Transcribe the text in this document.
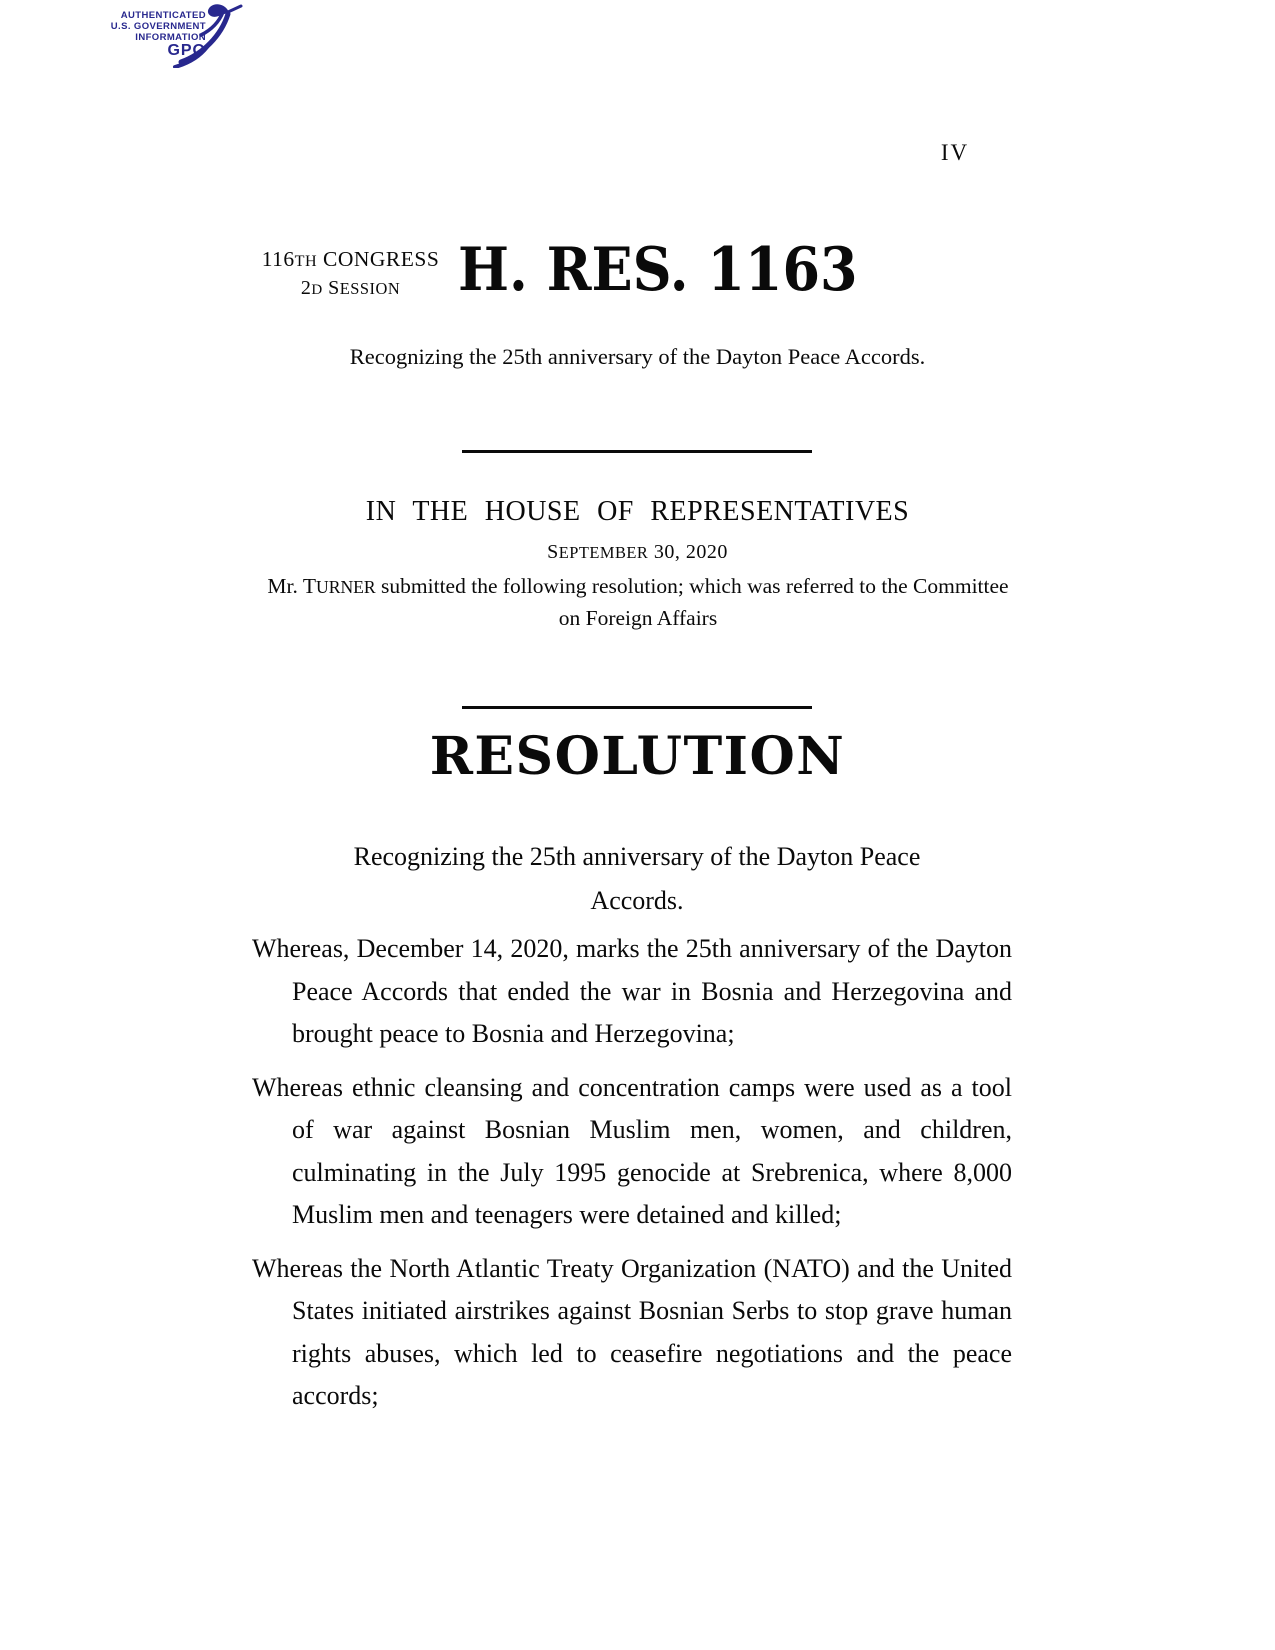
AUTHENTICATED
U.S. GOVERNMENT
INFORMATION
GPO
IV
116TH CONGRESS
2D SESSION H. RES. 1163
Recognizing the 25th anniversary of the Dayton Peace Accords.
IN THE HOUSE OF REPRESENTATIVES
SEPTEMBER 30, 2020
Mr. TURNER submitted the following resolution; which was referred to the Committee on Foreign Affairs
RESOLUTION
Recognizing the 25th anniversary of the Dayton Peace Accords.

Whereas, December 14, 2020, marks the 25th anniversary of the Dayton Peace Accords that ended the war in Bosnia and Herzegovina and brought peace to Bosnia and Herzegovina;

Whereas ethnic cleansing and concentration camps were used as a tool of war against Bosnian Muslim men, women, and children, culminating in the July 1995 genocide at Srebrenica, where 8,000 Muslim men and teenagers were detained and killed;

Whereas the North Atlantic Treaty Organization (NATO) and the United States initiated airstrikes against Bosnian Serbs to stop grave human rights abuses, which led to ceasefire negotiations and the peace accords;
